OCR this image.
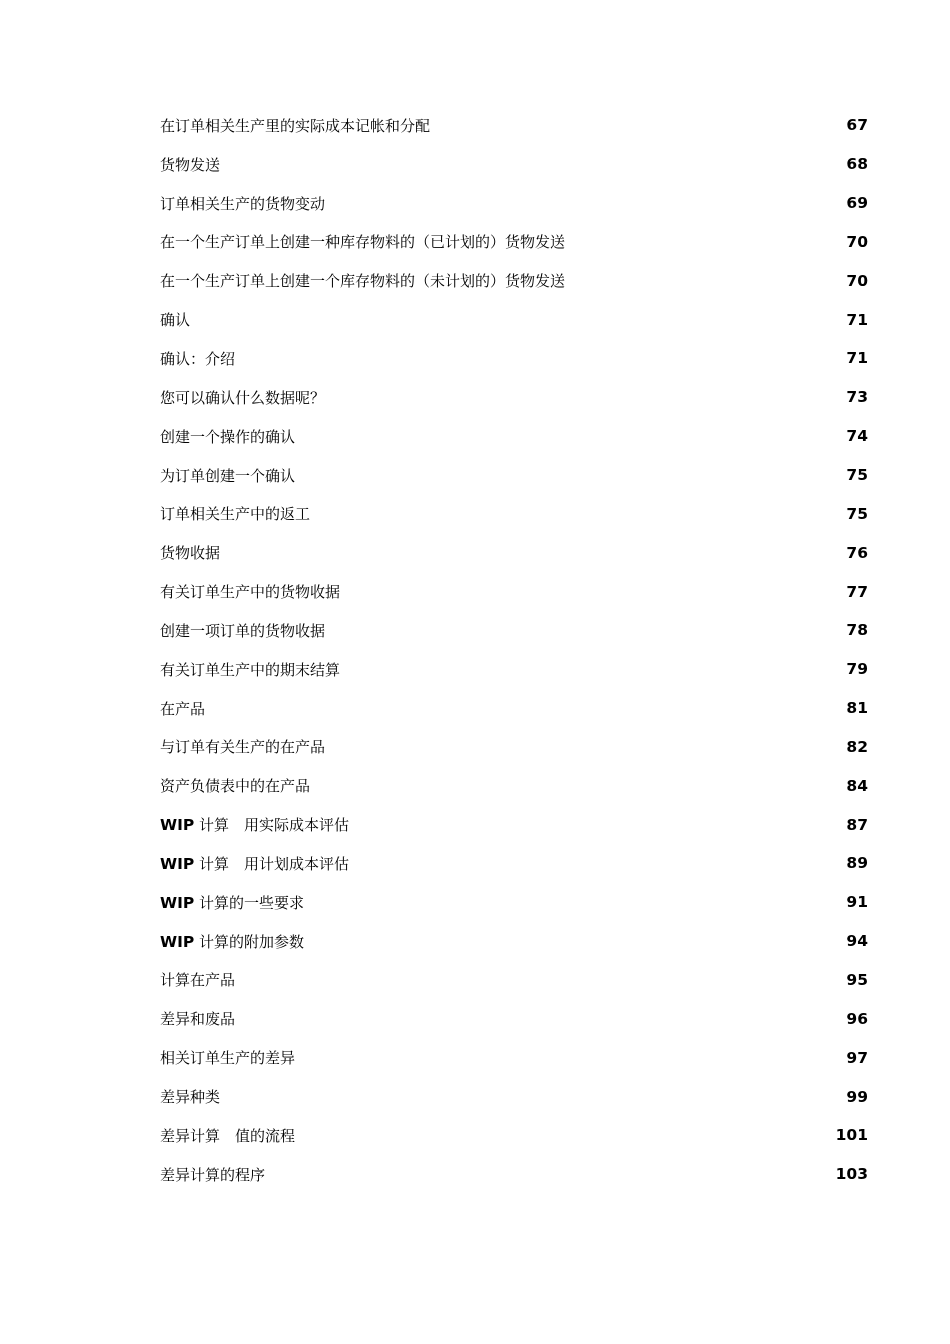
在订单相关生产里的实际成本记帐和分配	67
货物发送	68
订单相关生产的货物变动	69
在一个生产订单上创建一种库存物料的（已计划的）货物发送	70
在一个生产订单上创建一个库存物料的（未计划的）货物发送	70
确认	71
确认：介绍	71
您可以确认什么数据呢？	73
创建一个操作的确认	74
为订单创建一个确认	75
订单相关生产中的返工	75
货物收据	76
有关订单生产中的货物收据	77
创建一项订单的货物收据	78
有关订单生产中的期末结算	79
在产品	81
与订单有关生产的在产品	82
资产负债表中的在产品	84
WIP 计算　用实际成本评估	87
WIP 计算　用计划成本评估	89
WIP 计算的一些要求	91
WIP 计算的附加参数	94
计算在产品	95
差异和废品	96
相关订单生产的差异	97
差异种类	99
差异计算　值的流程	101
差异计算的程序	103
